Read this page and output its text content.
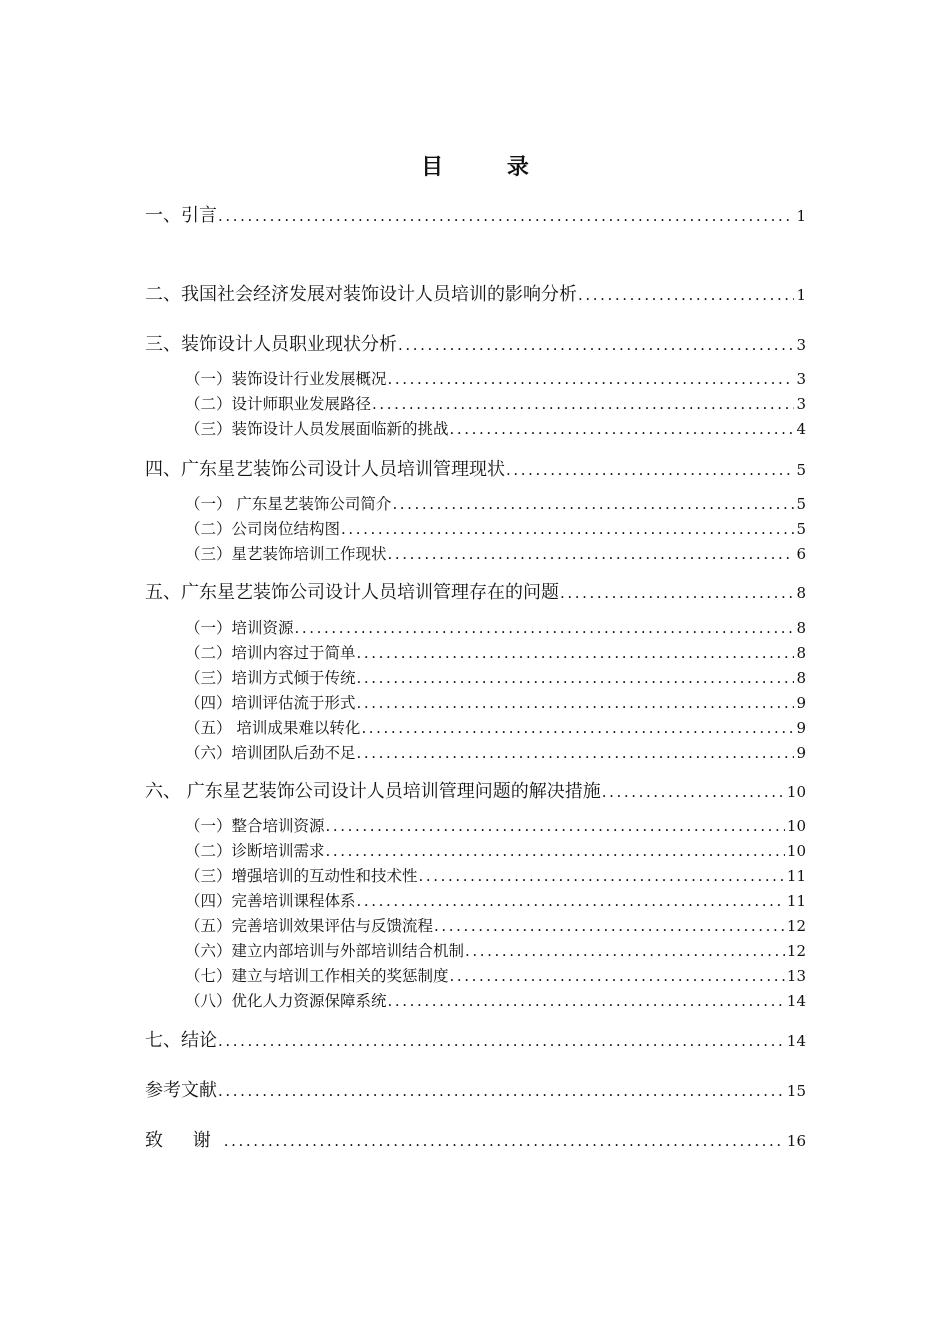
目 录
一、引言 .....	1
二、我国社会经济发展对装饰设计人员培训的影响分析 .....	1
三、装饰设计人员职业现状分析 .....	3
（一）装饰设计行业发展概况 .....	3
（二）设计师职业发展路径 .....	3
（三）装饰设计人员发展面临新的挑战 .....	4
四、广东星艺装饰公司设计人员培训管理现状 .....	5
（一） 广东星艺装饰公司简介 .....	5
（二）公司岗位结构图 .....	5
（三）星艺装饰培训工作现状 .....	6
五、广东星艺装饰公司设计人员培训管理存在的问题 .....	8
（一）培训资源 .....	8
（二）培训内容过于简单 .....	8
（三）培训方式倾于传统 .....	8
（四）培训评估流于形式 .....	9
（五） 培训成果难以转化 .....	9
（六）培训团队后劲不足 .....	9
六、 广东星艺装饰公司设计人员培训管理问题的解决措施 .....	10
（一）整合培训资源 .....	10
（二）诊断培训需求 .....	10
（三）增强培训的互动性和技术性 .....	11
（四）完善培训课程体系 .....	11
（五）完善培训效果评估与反馈流程 .....	12
（六）建立内部培训与外部培训结合机制 .....	12
（七）建立与培训工作相关的奖惩制度 .....	13
（八）优化人力资源保障系统 .....	14
七、结论 .....	14
参考文献 .....	15
致 谢 .....	16
